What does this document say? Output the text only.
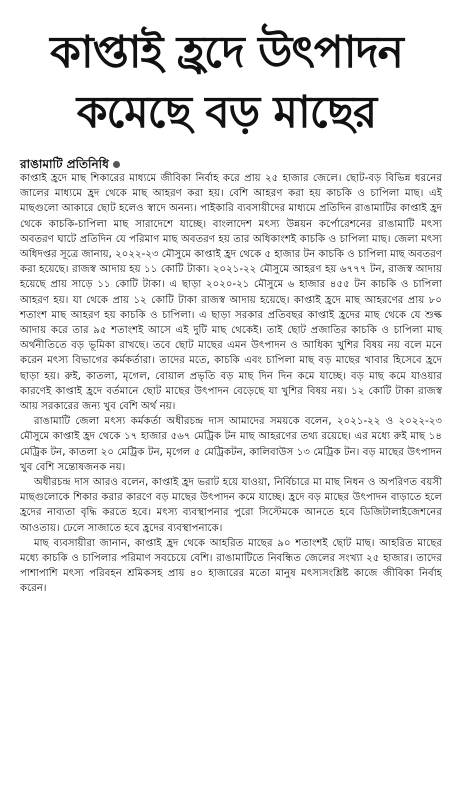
কাপ্তাই হ্রদে উৎপাদন
কমেছে বড় মাছের
রাঙামাটি প্রতিনিধি

কাপ্তাই হ্রদে মাছ শিকারের মাধ্যমে জীবিকা নির্বাহ করে প্রায় ২৫ হাজার জেলে। ছোট-বড় বিভিন্ন ধরনের জালের মাধ্যমে হ্রদ থেকে মাছ আহরণ করা হয়। বেশি আহরণ করা হয় কাচকি ও চাপিলা মাছ। এই মাছগুলো আকারে ছোট হলেও স্বাদে অনন্য। পাইকারি ব্যবসায়ীদের মাধ্যমে প্রতিদিন রাঙামাটির কাপ্তাই হ্রদ থেকে কাচকি-চাপিলা মাছ সারাদেশে যাচ্ছে। বাংলাদেশ মৎস্য উন্নয়ন কর্পোরেশনের রাঙামাটি মৎস্য অবতরণ ঘাটে প্রতিদিন যে পরিমাণ মাছ অবতরণ হয় তার অধিকাংশই কাচকি ও চাপিলা মাছ। জেলা মৎস্য অধিদপ্তর সূত্রে জানায়, ২০২২-২৩ মৌসুমে কাপ্তাই হ্রদ থেকে ৫ হাজার টন কাচকি ও চাপিলা মাছ অবতরণ করা হয়েছে। রাজস্ব আদায় হয় ১১ কোটি টাকা। ২০২১-২২ মৌসুমে আহরণ হয় ৬৭৭৭ টন, রাজস্ব আদায় হয়েছে প্রায় সাড়ে ১১ কোটি টাকা। এ ছাড়া ২০২০-২১ মৌসুমে ৬ হাজার ৪৫৫ টন কাচকি ও চাপিলা আহরণ হয়। যা থেকে প্রায় ১২ কোটি টাকা রাজস্ব আদায় হয়েছে। কাপ্তাই হ্রদে মাছ আহরণের প্রায় ৮০ শতাংশ মাছ আহরণ হয় কাচকি ও চাপিলা। এ ছাড়া সরকার প্রতিবছর কাপ্তাই হ্রদের মাছ থেকে যে শুল্ক আদায় করে তার ৯৫ শতাংশই আসে এই দুটি মাছ থেকেই। তাই ছোট প্রজাতির কাচকি ও চাপিলা মাছ অর্থনীতিতে বড় ভূমিকা রাখছে। তবে ছোট মাছের এমন উৎপাদন ও আধিক্য খুশির বিষয় নয় বলে মনে করেন মৎস্য বিভাগের কর্মকর্তারা। তাদের মতে, কাচকি এবং চাপিলা মাছ বড় মাছের খাবার হিসেবে হ্রদে ছাড়া হয়। রুই, কাতলা, মৃগেল, বোয়াল প্রভৃতি বড় মাছ দিন দিন কমে যাচ্ছে। বড় মাছ কমে যাওয়ার কারণেই কাপ্তাই হ্রদে বর্তমানে ছোট মাছের উৎপাদন বেড়েছে যা খুশির বিষয় নয়। ১২ কোটি টাকা রাজস্ব আয় সরকারের জন্য খুব বেশি অর্থ নয়।

রাঙামাটি জেলা মৎস্য কর্মকর্তা অধীরচন্দ্র দাস আমাদের সময়কে বলেন, ২০২১-২২ ও ২০২২-২৩ মৌসুমে কাপ্তাই হ্রদ থেকে ১৭ হাজার ৫৬৭ মেট্রিক টন মাছ আহরণের তথ্য রয়েছে। এর মধ্যে রুই মাছ ১৪ মেট্রিক টন, কাতলা ২০ মেট্রিক টন, মৃগেল ৫ মেট্রিকটন, কালিবাউস ১৩ মেট্রিক টন। বড় মাছের উৎপাদন খুব বেশি সন্তোষজনক নয়।

অধীরচন্দ্র দাস আরও বলেন, কাপ্তাই হ্রদ ভরাট হয়ে যাওয়া, নির্বিচারে মা মাছ নিধন ও অপরিণত বয়সী মাছগুলোকে শিকার করার কারণে বড় মাছের উৎপাদন কমে যাচ্ছে। হ্রদে বড় মাছের উৎপাদন বাড়াতে হলে হ্রদের নাব্যতা বৃদ্ধি করতে হবে। মৎস্য ব্যবস্থাপনার পুরো সিস্টেমকে আনতে হবে ডিজিটালাইজেশনের আওতায়। ঢেলে সাজাতে হবে হ্রদের ব্যবস্থাপনাকে।

মাছ ব্যবসায়ীরা জানান, কাপ্তাই হ্রদ থেকে আহরিত মাছের ৯০ শতাংশই ছোট মাছ। আহরিত মাছের মধ্যে কাচকি ও চাপিলার পরিমাণ সবচেয়ে বেশি। রাঙামাটিতে নিবন্ধিত জেলের সংখ্যা ২৫ হাজার। তাদের পাশাপাশি মৎস্য পরিবহন শ্রমিকসহ প্রায় ৪০ হাজারের মতো মানুষ মৎস্যসংশ্লিষ্ট কাজে জীবিকা নির্বাহ করেন।
